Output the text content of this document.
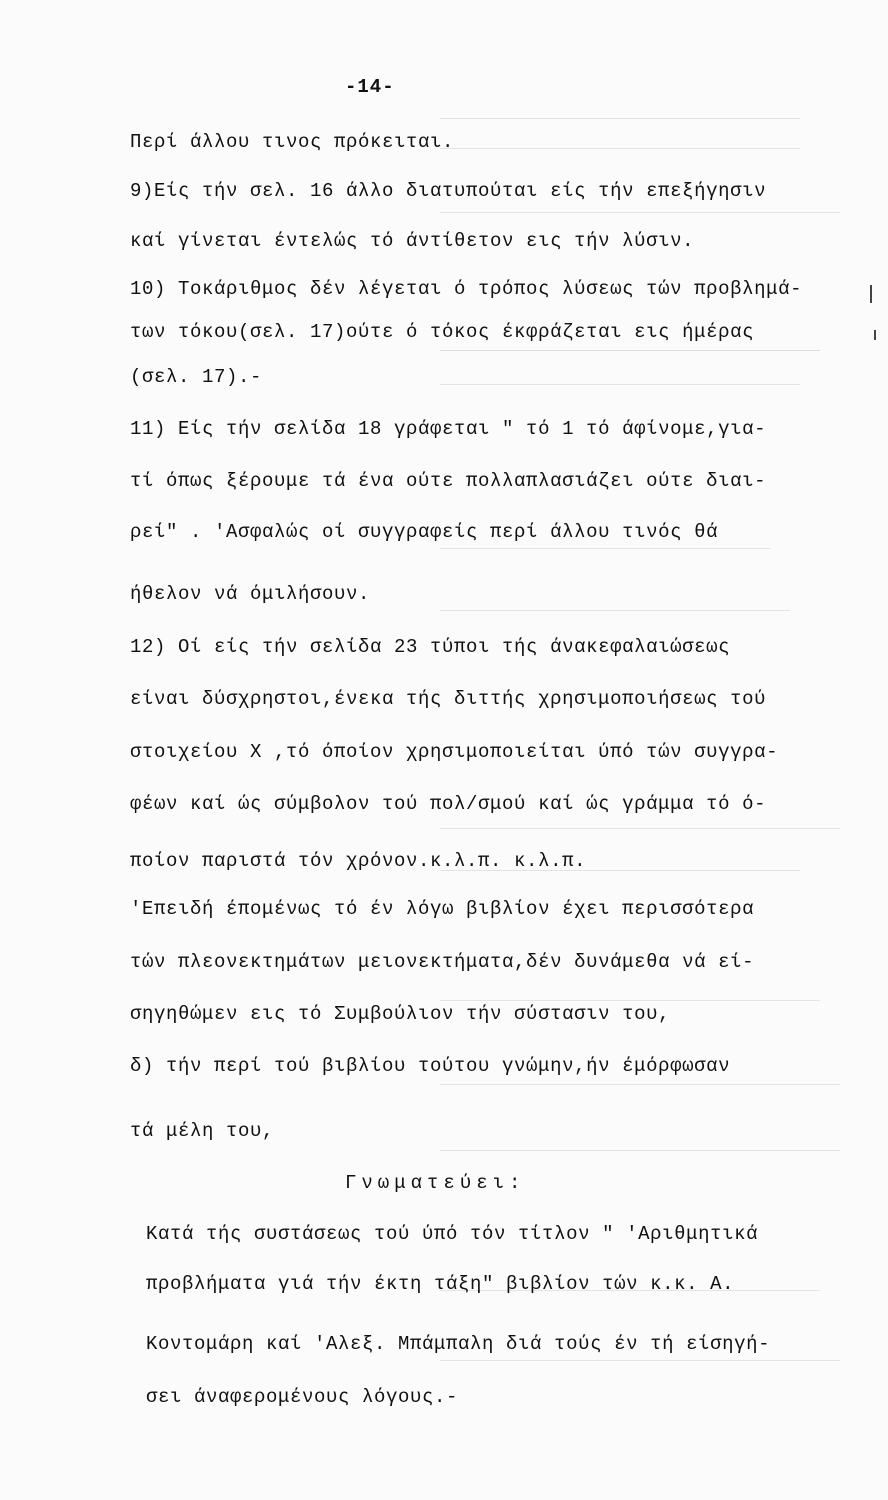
-14-
Περί άλλου τινος πρόκειται.
9)Είς τήν σελ. 16 άλλο διατυπούται είς τήν επεξήγησιν
καί γίνεται έντελώς τό άντίθετον εις τήν λύσιν.
10) Τοκάριθμος δέν λέγεται ό τρόπος λύσεως τών προβλημά-
των τόκου(σελ. 17)ούτε ό τόκος έκφράζεται εις ήμέρας
(σελ. 17).-
11) Είς τήν σελίδα 18 γράφεται " τό 1 τό άφίνομε,για-
τί όπως ξέρουμε τά ένα ούτε πολλαπλασιάζει ούτε διαι-
ρεί" . 'Ασφαλώς οί συγγραφείς περί άλλου τινός θά
ήθελον νά όμιλήσουν.
12) Οί είς τήν σελίδα 23 τύποι τής άνακεφαλαιώσεως
είναι δύσχρηστοι,ένεκα τής διττής χρησιμοποιήσεως τού
στοιχείου Χ ,τό όποίον χρησιμοποιείται ύπό τών συγγρα-
φέων καί ώς σύμβολον τού πολ/σμού καί ώς γράμμα τό ό-
ποίον παριστά τόν χρόνον.κ.λ.π. κ.λ.π.
'Επειδή έπομένως τό έν λόγω βιβλίον έχει περισσότερα
τών πλεονεκτημάτων μειονεκτήματα,δέν δυνάμεθα νά εί-
σηγηθώμεν εις τό Συμβούλιον τήν σύστασιν του,
δ) τήν περί τού βιβλίου τούτου γνώμην,ήν έμόρφωσαν
τά μέλη του,
Γνωματεύει:
Κατά τής συστάσεως τού ύπό τόν τίτλον " 'Αριθμητικά
προβλήματα γιά τήν έκτη τάξη" βιβλίον τών κ.κ. Α.
Κοντομάρη καί 'Αλεξ. Μπάμπαλη διά τούς έν τή είσηγή-
σει άναφερομένους λόγους.-
